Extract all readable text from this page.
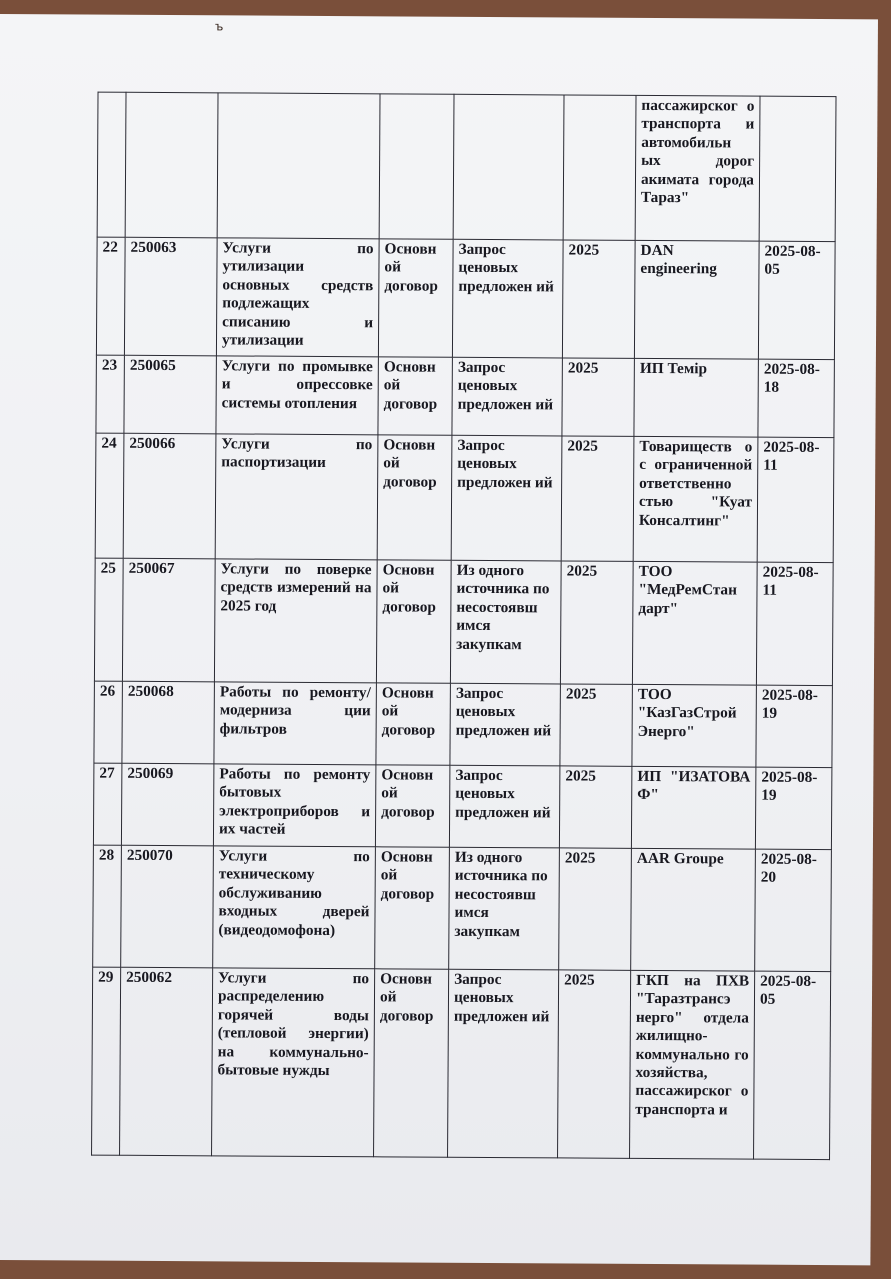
ъ
						пассажирског о транспорта и автомобильн ых дорог акимата города Тараз"	
22	250063	Услуги по утилизации основных средств подлежащих списанию и утилизации	Основн ой договор	Запрос ценовых предложен ий	2025	DAN engineering	2025-08-05
23	250065	Услуги по промывке и опрессовке системы отопления	Основн ой договор	Запрос ценовых предложен ий	2025	ИП Темір	2025-08-18
24	250066	Услуги по паспортизации	Основн ой договор	Запрос ценовых предложен ий	2025	Товариществ о с ограниченной ответственно стью "Куат Консалтинг"	2025-08-11
25	250067	Услуги по поверке средств измерений на 2025 год	Основн ой договор	Из одного источника по несостоявш имся закупкам	2025	ТОО "МедРемСтан дарт"	2025-08-11
26	250068	Работы по ремонту/модерниза ции фильтров	Основн ой договор	Запрос ценовых предложен ий	2025	ТОО "КазГазСтрой Энерго"	2025-08-19
27	250069	Работы по ремонту бытовых электроприборов и их частей	Основн ой договор	Запрос ценовых предложен ий	2025	ИП "ИЗАТОВА Ф"	2025-08-19
28	250070	Услуги по техническому обслуживанию входных дверей (видеодомофона)	Основн ой договор	Из одного источника по несостоявш имся закупкам	2025	AAR Groupe	2025-08-20
29	250062	Услуги по распределению горячей воды (тепловой энергии) на коммунально-бытовые нужды	Основн ой договор	Запрос ценовых предложен ий	2025	ГКП на ПХВ "Таразтрансэ нерго" отдела жилищно-коммунально го хозяйства, пассажирског о транспорта и	2025-08-05
